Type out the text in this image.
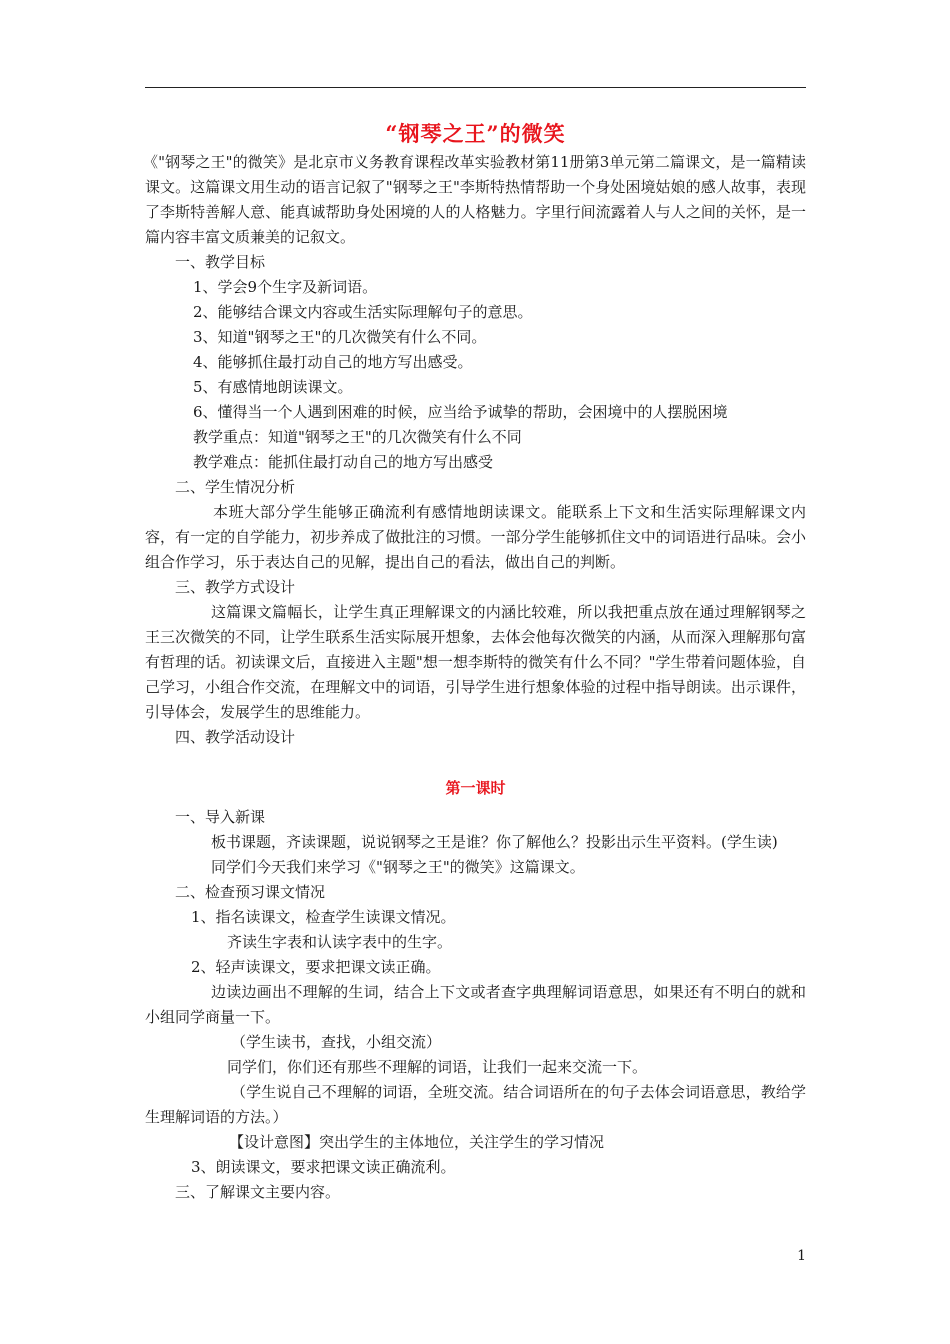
“钢琴之王”的微笑

《"钢琴之王"的微笑》是北京市义务教育课程改革实验教材第11册第3单元第二篇课文，是一篇精读课文。这篇课文用生动的语言记叙了"钢琴之王"李斯特热情帮助一个身处困境姑娘的感人故事，表现了李斯特善解人意、能真诚帮助身处困境的人的人格魅力。字里行间流露着人与人之间的关怀，是一篇内容丰富文质兼美的记叙文。

一、教学目标

1、学会9个生字及新词语。

2、能够结合课文内容或生活实际理解句子的意思。

3、知道"钢琴之王"的几次微笑有什么不同。

4、能够抓住最打动自己的地方写出感受。

5、有感情地朗读课文。

6、懂得当一个人遇到困难的时候，应当给予诚挚的帮助，会困境中的人摆脱困境

教学重点：知道"钢琴之王"的几次微笑有什么不同

教学难点：能抓住最打动自己的地方写出感受

二、学生情况分析

本班大部分学生能够正确流利有感情地朗读课文。能联系上下文和生活实际理解课文内容，有一定的自学能力，初步养成了做批注的习惯。一部分学生能够抓住文中的词语进行品味。会小组合作学习，乐于表达自己的见解，提出自己的看法，做出自己的判断。

三、教学方式设计

这篇课文篇幅长，让学生真正理解课文的内涵比较难，所以我把重点放在通过理解钢琴之王三次微笑的不同，让学生联系生活实际展开想象，去体会他每次微笑的内涵，从而深入理解那句富有哲理的话。初读课文后，直接进入主题"想一想李斯特的微笑有什么不同？"学生带着问题体验，自己学习，小组合作交流，在理解文中的词语，引导学生进行想象体验的过程中指导朗读。出示课件，引导体会，发展学生的思维能力。

四、教学活动设计

第一课时

一、导入新课

板书课题，齐读课题，说说钢琴之王是谁？你了解他么？投影出示生平资料。(学生读)

同学们今天我们来学习《"钢琴之王"的微笑》这篇课文。

二、检查预习课文情况

1、指名读课文，检查学生读课文情况。

齐读生字表和认读字表中的生字。

2、轻声读课文，要求把课文读正确。

边读边画出不理解的生词，结合上下文或者查字典理解词语意思，如果还有不明白的就和小组同学商量一下。

（学生读书，查找，小组交流）

同学们，你们还有那些不理解的词语，让我们一起来交流一下。

（学生说自己不理解的词语，全班交流。结合词语所在的句子去体会词语意思，教给学生理解词语的方法。）

【设计意图】突出学生的主体地位，关注学生的学习情况

3、朗读课文，要求把课文读正确流利。

三、了解课文主要内容。

1
